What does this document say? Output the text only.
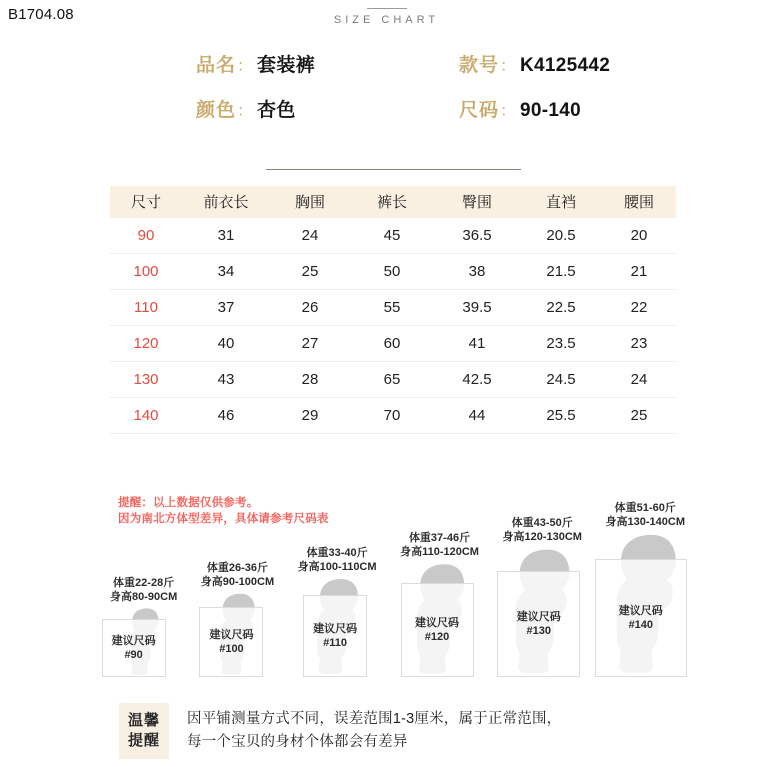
B1704.08	SIZE CHART
品名 ： 套装裤	款号 ： K4125442
颜色 ： 杏色	尺码 ： 90-140
尺寸	前衣长	胸围	裤长	臀围	直裆	腰围
90	31	24	45	36.5	20.5	20
100	34	25	50	38	21.5	21
110	37	26	55	39.5	22.5	22
120	40	27	60	41	23.5	23
130	43	28	65	42.5	24.5	24
140	46	29	70	44	25.5	25
提醒：以上数据仅供参考。
因为南北方体型差异，具体请参考尺码表
体重22-28斤
身高80-90CM
建议尺码
#90
体重26-36斤
身高90-100CM
建议尺码
#100
体重33-40斤
身高100-110CM
建议尺码
#110
体重37-46斤
身高110-120CM
建议尺码
#120
体重43-50斤
身高120-130CM
建议尺码
#130
体重51-60斤
身高130-140CM
建议尺码
#140
温馨
提醒
因平铺测量方式不同，误差范围1-3厘米，属于正常范围，
每一个宝贝的身材个体都会有差异
